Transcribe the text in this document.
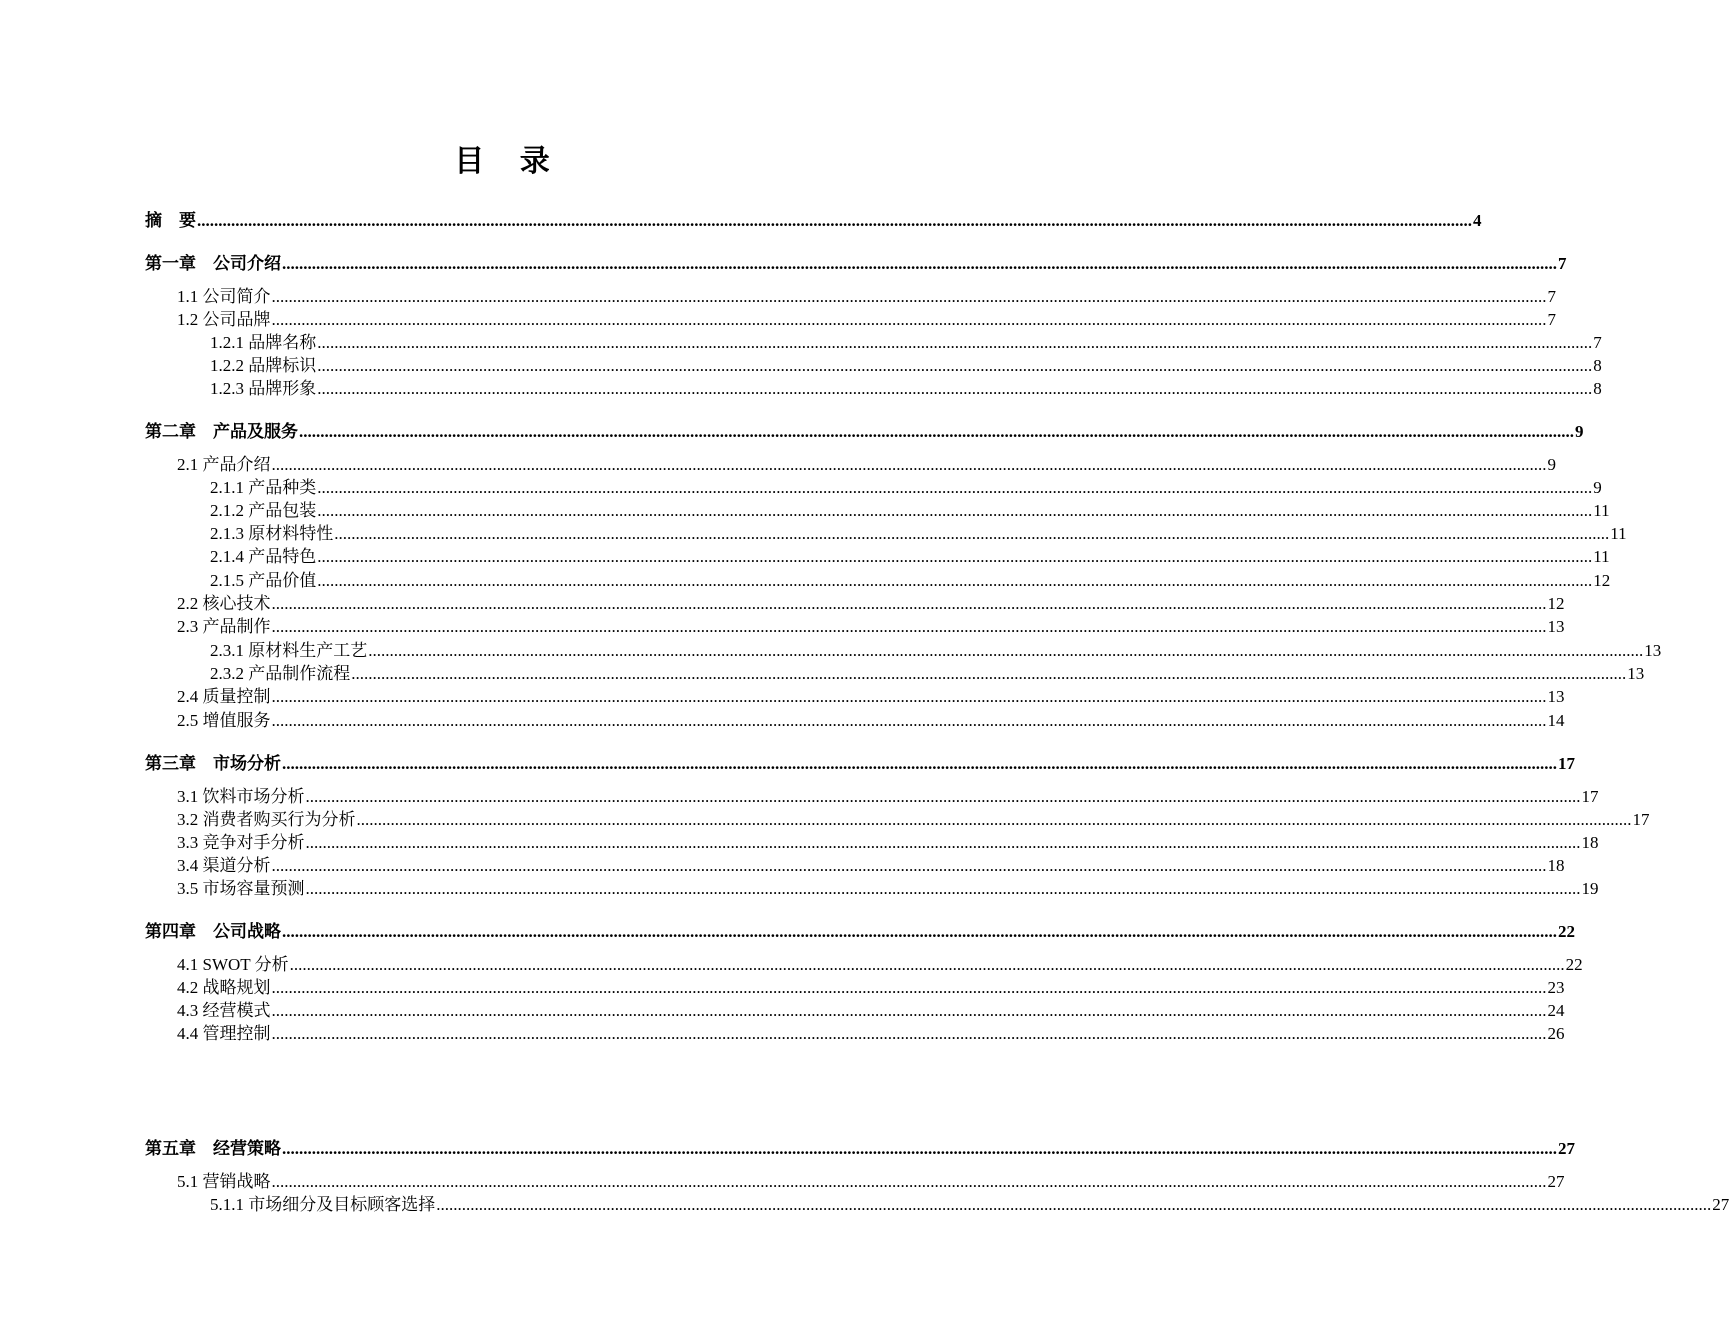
目 录
摘　要 ............................................................................................................................................................................................................................................................................................................ 4
第一章　公司介绍 ............................................................................................................................................................................................................................................................................................................ 7
1.1 公司简介 ............................................................................................................................................................................................................................................................................................................ 7
1.2 公司品牌 ............................................................................................................................................................................................................................................................................................................ 7
1.2.1 品牌名称 ............................................................................................................................................................................................................................................................................................................ 7
1.2.2 品牌标识 ............................................................................................................................................................................................................................................................................................................ 8
1.2.3 品牌形象 ............................................................................................................................................................................................................................................................................................................ 8
第二章　产品及服务 ............................................................................................................................................................................................................................................................................................................ 9
2.1 产品介绍 ............................................................................................................................................................................................................................................................................................................ 9
2.1.1 产品种类 ............................................................................................................................................................................................................................................................................................................ 9
2.1.2 产品包装 ............................................................................................................................................................................................................................................................................................................ 11
2.1.3 原材料特性 ............................................................................................................................................................................................................................................................................................................ 11
2.1.4 产品特色 ............................................................................................................................................................................................................................................................................................................ 11
2.1.5 产品价值 ............................................................................................................................................................................................................................................................................................................ 12
2.2 核心技术 ............................................................................................................................................................................................................................................................................................................ 12
2.3 产品制作 ............................................................................................................................................................................................................................................................................................................ 13
2.3.1 原材料生产工艺 ............................................................................................................................................................................................................................................................................................................ 13
2.3.2 产品制作流程 ............................................................................................................................................................................................................................................................................................................ 13
2.4 质量控制 ............................................................................................................................................................................................................................................................................................................ 13
2.5 增值服务 ............................................................................................................................................................................................................................................................................................................ 14
第三章　市场分析 ............................................................................................................................................................................................................................................................................................................ 17
3.1 饮料市场分析 ............................................................................................................................................................................................................................................................................................................ 17
3.2 消费者购买行为分析 ............................................................................................................................................................................................................................................................................................................ 17
3.3 竞争对手分析 ............................................................................................................................................................................................................................................................................................................ 18
3.4 渠道分析 ............................................................................................................................................................................................................................................................................................................ 18
3.5 市场容量预测 ............................................................................................................................................................................................................................................................................................................ 19
第四章　公司战略 ............................................................................................................................................................................................................................................................................................................ 22
4.1 SWOT 分析 ............................................................................................................................................................................................................................................................................................................ 22
4.2 战略规划 ............................................................................................................................................................................................................................................................................................................ 23
4.3 经营模式 ............................................................................................................................................................................................................................................................................................................ 24
4.4 管理控制 ............................................................................................................................................................................................................................................................................................................ 26
第五章　经营策略 ............................................................................................................................................................................................................................................................................................................ 27
5.1 营销战略 ............................................................................................................................................................................................................................................................................................................ 27
5.1.1 市场细分及目标顾客选择 ............................................................................................................................................................................................................................................................................................................ 27
